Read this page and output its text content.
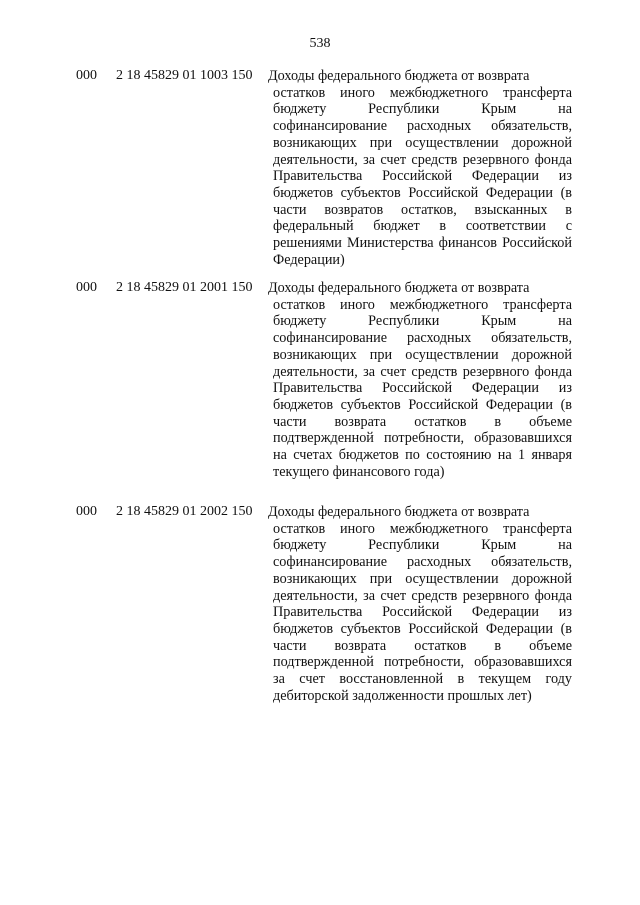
538
000 2 18 45829 01 1003 150 Доходы федерального бюджета от возврата
остатков иного межбюджетного трансферта бюджету Республики Крым на софинансирование расходных обязательств, возникающих при осуществлении дорожной деятельности, за счет средств резервного фонда Правительства Российской Федерации из бюджетов субъектов Российской Федерации (в части возвратов остатков, взысканных в федеральный бюджет в соответствии с решениями Министерства финансов Российской Федерации)
000 2 18 45829 01 2001 150 Доходы федерального бюджета от возврата
остатков иного межбюджетного трансферта бюджету Республики Крым на софинансирование расходных обязательств, возникающих при осуществлении дорожной деятельности, за счет средств резервного фонда Правительства Российской Федерации из бюджетов субъектов Российской Федерации (в части возврата остатков в объеме подтвержденной потребности, образовавшихся на счетах бюджетов по состоянию на 1 января текущего финансового года)
000 2 18 45829 01 2002 150 Доходы федерального бюджета от возврата
остатков иного межбюджетного трансферта бюджету Республики Крым на софинансирование расходных обязательств, возникающих при осуществлении дорожной деятельности, за счет средств резервного фонда Правительства Российской Федерации из бюджетов субъектов Российской Федерации (в части возврата остатков в объеме подтвержденной потребности, образовавшихся за счет восстановленной в текущем году дебиторской задолженности прошлых лет)
